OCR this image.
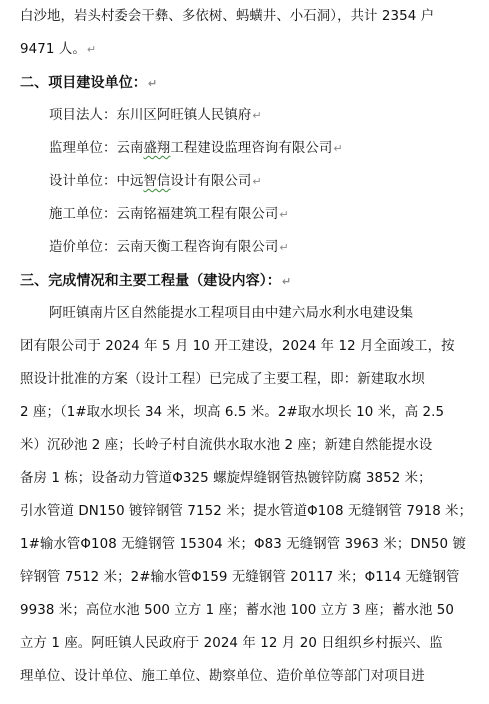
白沙地，岩头村委会干彝、多依树、蚂蟥井、小石洞），共计 2354 户
9471 人。↵
二、项目建设单位：↵
项目法人：东川区阿旺镇人民镇府↵
监理单位：云南盛翔工程建设监理咨询有限公司↵
设计单位：中远智信设计有限公司↵
施工单位：云南铭福建筑工程有限公司↵
造价单位：云南天衡工程咨询有限公司↵
三、完成情况和主要工程量（建设内容）：↵
阿旺镇南片区自然能提水工程项目由中建六局水利水电建设集
团有限公司于 2024 年 5 月 10 开工建设，2024 年 12 月全面竣工，按
照设计批准的方案（设计工程）已完成了主要工程，即：新建取水坝
2 座；（1#取水坝长 34 米，坝高 6.5 米。2#取水坝长 10 米，高 2.5
米）沉砂池 2 座；长岭子村自流供水取水池 2 座；新建自然能提水设
备房 1 栋；设备动力管道Φ325 螺旋焊缝钢管热镀锌防腐 3852 米；
引水管道 DN150 镀锌钢管 7152 米；提水管道Φ108 无缝钢管 7918 米；
1#输水管Φ108 无缝钢管 15304 米；Φ83 无缝钢管 3963 米；DN50 镀
锌钢管 7512 米；2#输水管Φ159 无缝钢管 20117 米；Φ114 无缝钢管
9938 米；高位水池 500 立方 1 座；蓄水池 100 立方 3 座；蓄水池 50
立方 1 座。阿旺镇人民政府于 2024 年 12 月 20 日组织乡村振兴、监
理单位、设计单位、施工单位、勘察单位、造价单位等部门对项目进
